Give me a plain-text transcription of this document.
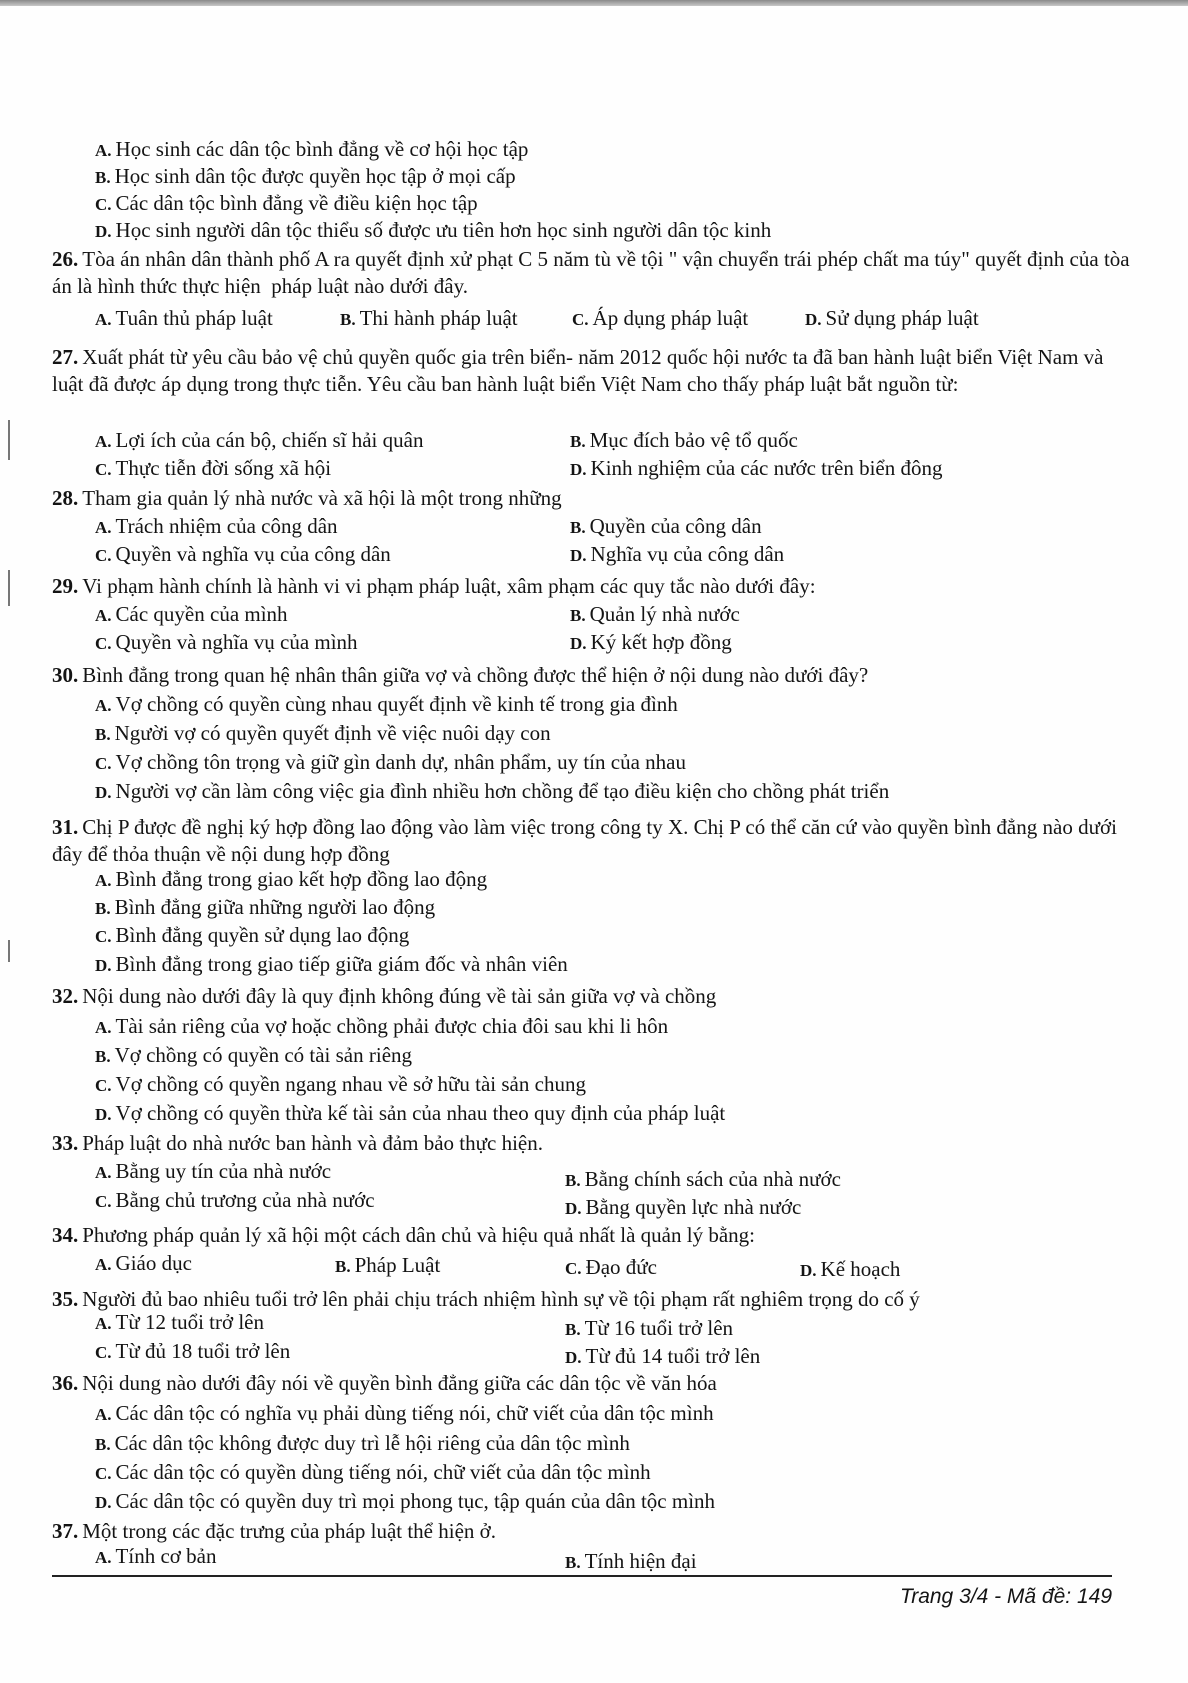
A. Học sinh các dân tộc bình đẳng về cơ hội học tập
B. Học sinh dân tộc được quyền học tập ở mọi cấp
C. Các dân tộc bình đẳng về điều kiện học tập
D. Học sinh người dân tộc thiểu số được ưu tiên hơn học sinh người dân tộc kinh
26. Tòa án nhân dân thành phố A ra quyết định xử phạt C 5 năm tù về tội " vận chuyển trái phép chất ma túy" quyết định của tòa án là hình thức thực hiện  pháp luật nào dưới đây.
A. Tuân thủ pháp luật	B. Thi hành pháp luật	C. Áp dụng pháp luật	D. Sử dụng pháp luật
27. Xuất phát từ yêu cầu bảo vệ chủ quyền quốc gia trên biển- năm 2012 quốc hội nước ta đã ban hành luật biển Việt Nam và luật đã được áp dụng trong thực tiễn. Yêu cầu ban hành luật biển Việt Nam cho thấy pháp luật bắt nguồn từ:
A. Lợi ích của cán bộ, chiến sĩ hải quân	B. Mục đích bảo vệ tổ quốc
C. Thực tiễn đời sống xã hội	D. Kinh nghiệm của các nước trên biển đông
28. Tham gia quản lý nhà nước và xã hội là một trong những
A. Trách nhiệm của công dân	B. Quyền của công dân
C. Quyền và nghĩa vụ của công dân	D. Nghĩa vụ của công dân
29. Vi phạm hành chính là hành vi vi phạm pháp luật, xâm phạm các quy tắc nào dưới đây:
A. Các quyền của mình	B. Quản lý nhà nước
C. Quyền và nghĩa vụ của mình	D. Ký kết hợp đồng
30. Bình đẳng trong quan hệ nhân thân giữa vợ và chồng được thể hiện ở nội dung nào dưới đây?
A. Vợ chồng có quyền cùng nhau quyết định về kinh tế trong gia đình
B. Người vợ có quyền quyết định về việc nuôi dạy con
C. Vợ chồng tôn trọng và giữ gìn danh dự, nhân phẩm, uy tín của nhau
D. Người vợ cần làm công việc gia đình nhiều hơn chồng để tạo điều kiện cho chồng phát triển
31. Chị P được đề nghị ký hợp đồng lao động vào làm việc trong công ty X. Chị P có thể căn cứ vào quyền bình đẳng nào dưới đây để thỏa thuận về nội dung hợp đồng
A. Bình đẳng trong giao kết hợp đồng lao động
B. Bình đẳng giữa những người lao động
C. Bình đẳng quyền sử dụng lao động
D. Bình đẳng trong giao tiếp giữa giám đốc và nhân viên
32. Nội dung nào dưới đây là quy định không đúng về tài sản giữa vợ và chồng
A. Tài sản riêng của vợ hoặc chồng phải được chia đôi sau khi li hôn
B. Vợ chồng có quyền có tài sản riêng
C. Vợ chồng có quyền ngang nhau về sở hữu tài sản chung
D. Vợ chồng có quyền thừa kế tài sản của nhau theo quy định của pháp luật
33. Pháp luật do nhà nước ban hành và đảm bảo thực hiện.
A. Bằng uy tín của nhà nước	B. Bằng chính sách của nhà nước
C. Bằng chủ trương của nhà nước	D. Bằng quyền lực nhà nước
34. Phương pháp quản lý xã hội một cách dân chủ và hiệu quả nhất là quản lý bằng:
A. Giáo dục	B. Pháp Luật	C. Đạo đức	D. Kế hoạch
35. Người đủ bao nhiêu tuổi trở lên phải chịu trách nhiệm hình sự về tội phạm rất nghiêm trọng do cố ý
A. Từ 12 tuổi trở lên	B. Từ 16 tuổi trở lên
C. Từ đủ 18 tuổi trở lên	D. Từ đủ 14 tuổi trở lên
36. Nội dung nào dưới đây nói về quyền bình đẳng giữa các dân tộc về văn hóa
A. Các dân tộc có nghĩa vụ phải dùng tiếng nói, chữ viết của dân tộc mình
B. Các dân tộc không được duy trì lễ hội riêng của dân tộc mình
C. Các dân tộc có quyền dùng tiếng nói, chữ viết của dân tộc mình
D. Các dân tộc có quyền duy trì mọi phong tục, tập quán của dân tộc mình
37. Một trong các đặc trưng của pháp luật thể hiện ở.
A. Tính cơ bản	B. Tính hiện đại
Trang 3/4 - Mã đề: 149
